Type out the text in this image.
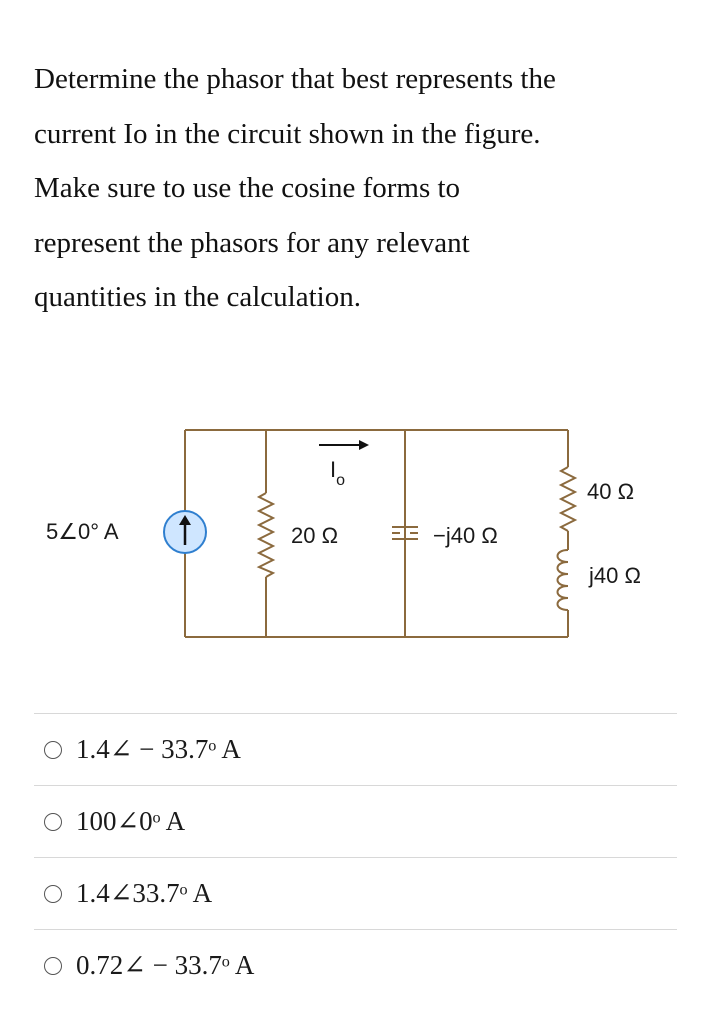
Determine the phasor that best represents the
current Io in the circuit shown in the figure.
Make sure to use the cosine forms to
represent the phasors for any relevant
quantities in the calculation.
5∠0° A
$I_o$
20 Ω	−j40 Ω
40 Ω
j40 Ω
1.4∠ − 33.7ᵒ A
100∠0ᵒ A
1.4∠33.7ᵒ A
0.72∠ − 33.7ᵒ A
